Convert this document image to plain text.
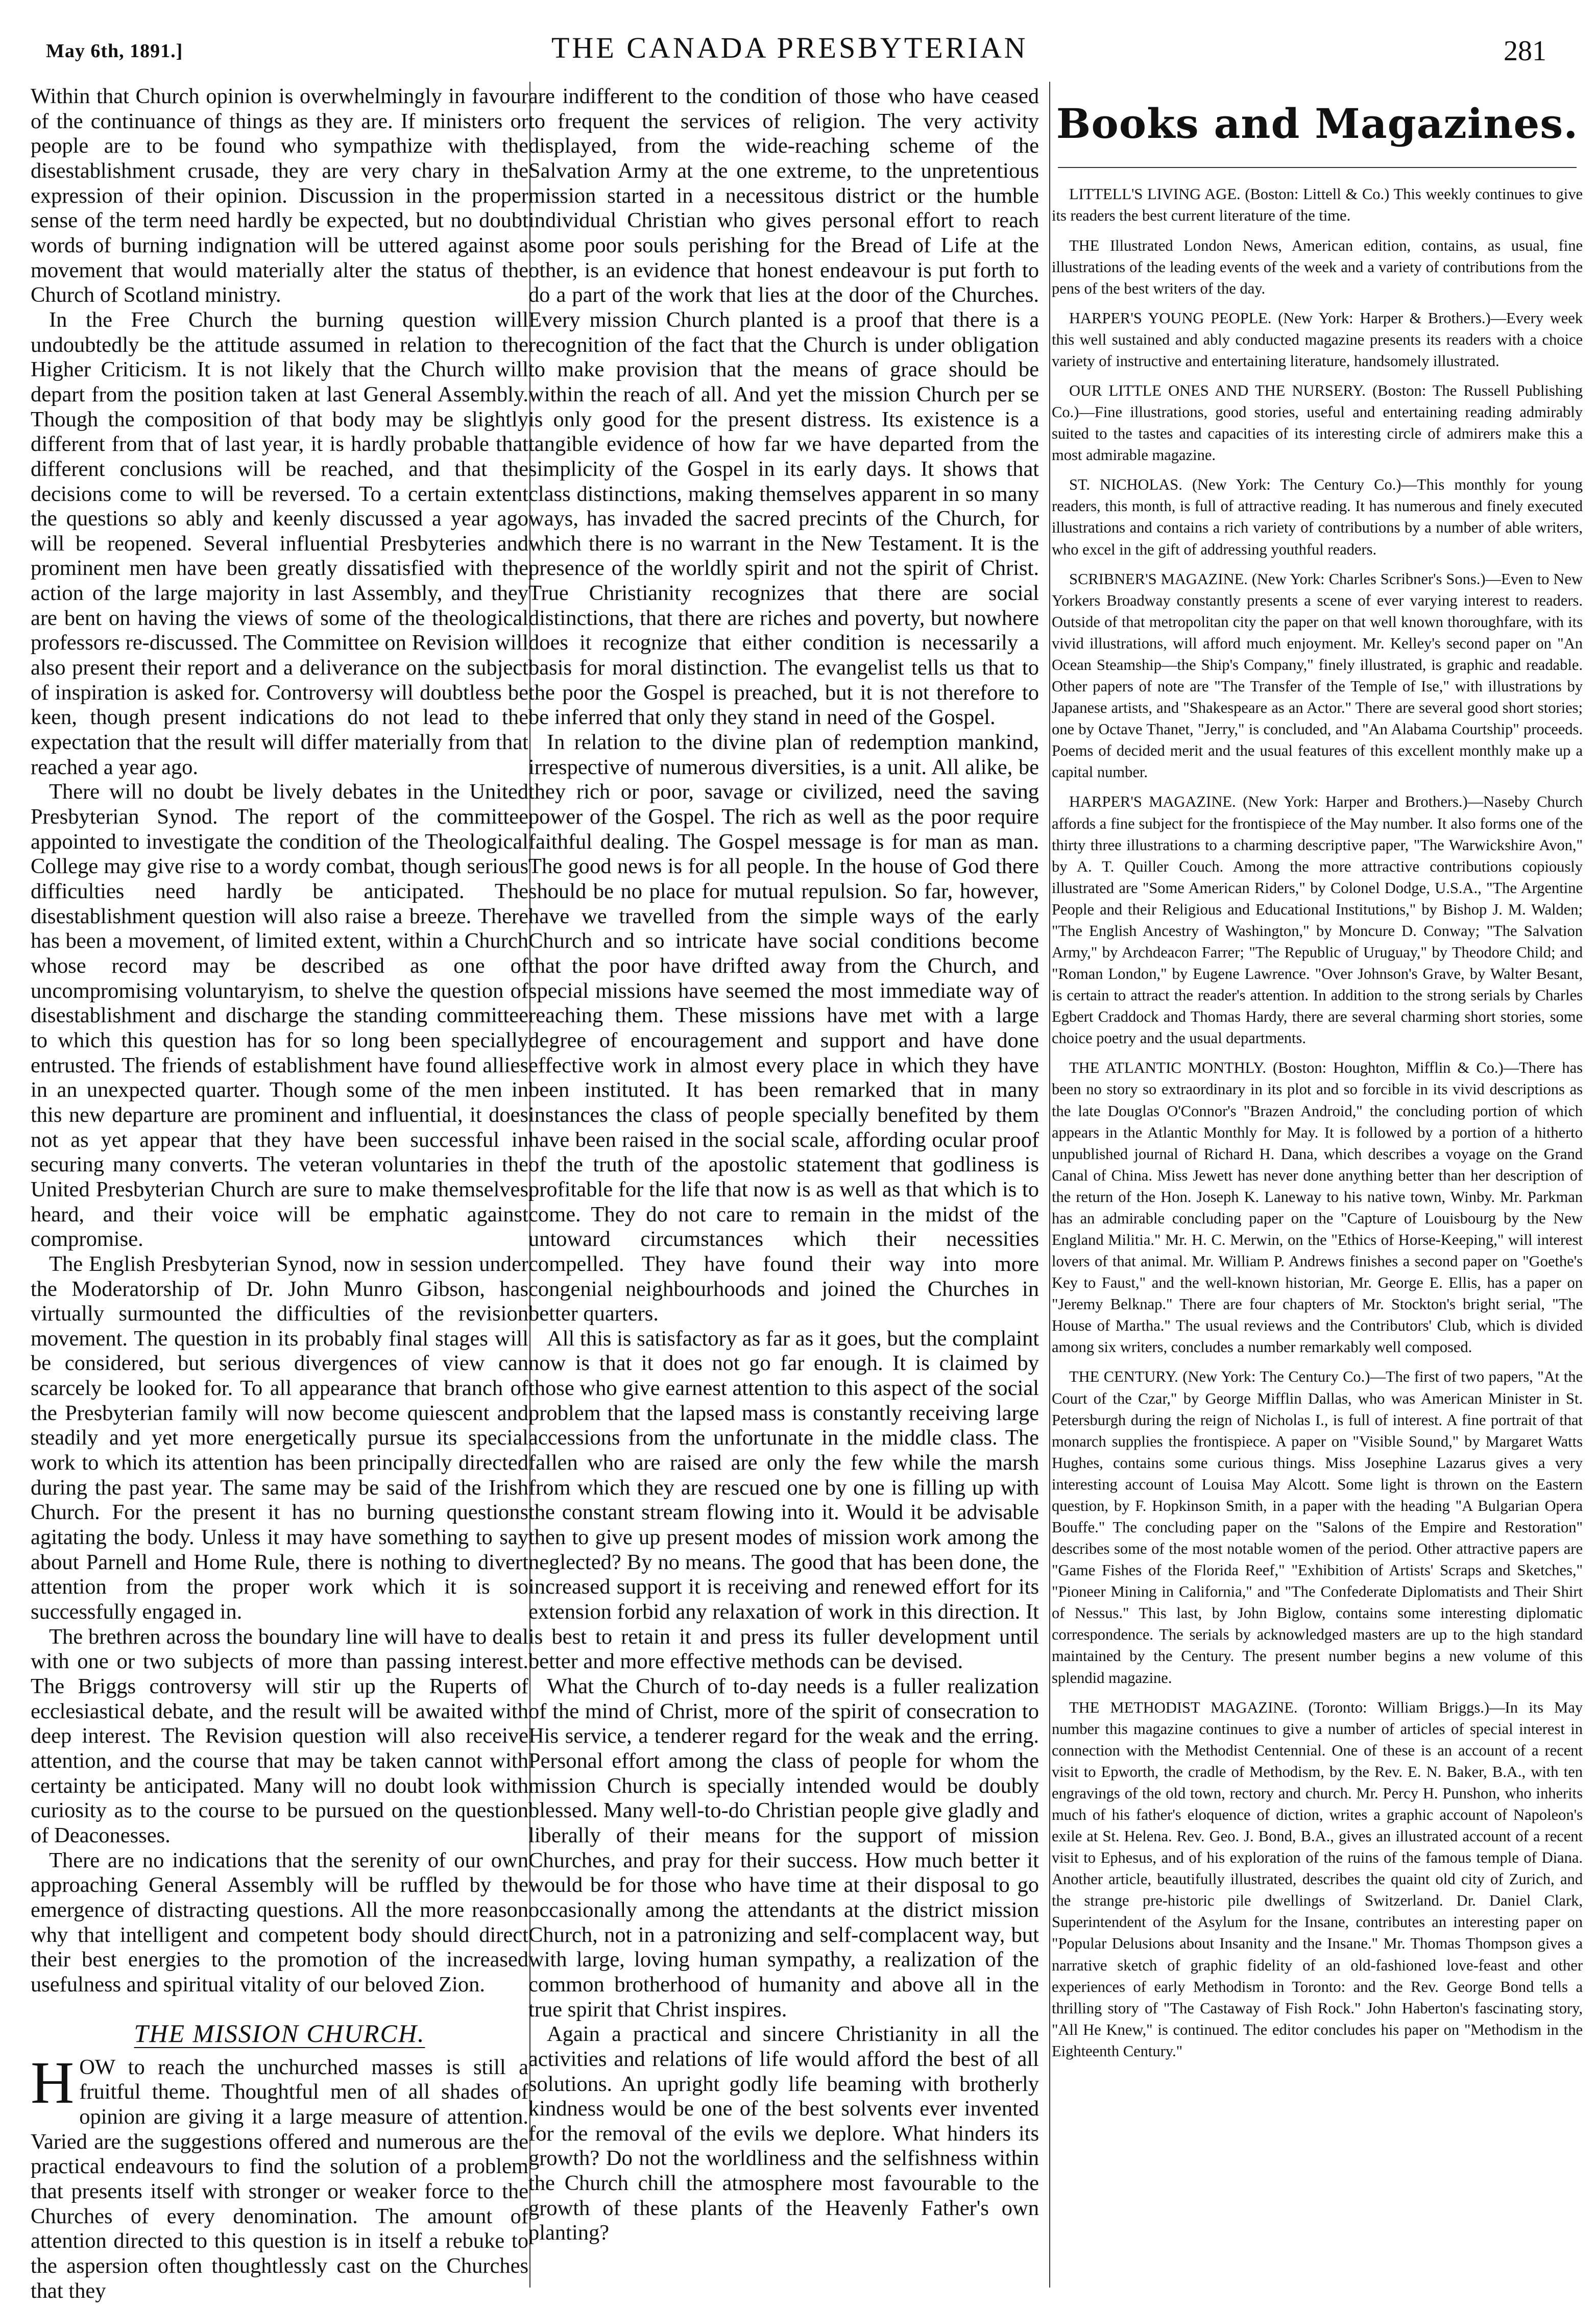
May 6th, 1891.]	THE CANADA PRESBYTERIAN	281

Within that Church opinion is overwhelmingly in favour of the continuance of things as they are. If ministers or people are to be found who sympathize with the disestablishment crusade, they are very chary in the expression of their opinion. Discussion in the proper sense of the term need hardly be expected, but no doubt words of burning indignation will be uttered against a movement that would materially alter the status of the Church of Scotland ministry.

In the Free Church the burning question will undoubtedly be the attitude assumed in relation to the Higher Criticism. It is not likely that the Church will depart from the position taken at last General Assembly. Though the composition of that body may be slightly different from that of last year, it is hardly probable that different conclusions will be reached, and that the decisions come to will be reversed. To a certain extent the questions so ably and keenly discussed a year ago will be reopened. Several influential Presbyteries and prominent men have been greatly dissatisfied with the action of the large majority in last Assembly, and they are bent on having the views of some of the theological professors re-discussed. The Committee on Revision will also present their report and a deliverance on the subject of inspiration is asked for. Controversy will doubtless be keen, though present indications do not lead to the expectation that the result will differ materially from that reached a year ago.

There will no doubt be lively debates in the United Presbyterian Synod. The report of the committee appointed to investigate the condition of the Theological College may give rise to a wordy combat, though serious difficulties need hardly be anticipated. The disestablishment question will also raise a breeze. There has been a movement, of limited extent, within a Church whose record may be described as one of uncompromising voluntaryism, to shelve the question of disestablishment and discharge the standing committee to which this question has for so long been specially entrusted. The friends of establishment have found allies in an unexpected quarter. Though some of the men in this new departure are prominent and influential, it does not as yet appear that they have been successful in securing many converts. The veteran voluntaries in the United Presbyterian Church are sure to make themselves heard, and their voice will be emphatic against compromise.

The English Presbyterian Synod, now in session under the Moderatorship of Dr. John Munro Gibson, has virtually surmounted the difficulties of the revision movement. The question in its probably final stages will be considered, but serious divergences of view can scarcely be looked for. To all appearance that branch of the Presbyterian family will now become quiescent and steadily and yet more energetically pursue its special work to which its attention has been principally directed during the past year. The same may be said of the Irish Church. For the present it has no burning questions agitating the body. Unless it may have something to say about Parnell and Home Rule, there is nothing to divert attention from the proper work which it is so successfully engaged in.

The brethren across the boundary line will have to deal with one or two subjects of more than passing interest. The Briggs controversy will stir up the Ruperts of ecclesiastical debate, and the result will be awaited with deep interest. The Revision question will also receive attention, and the course that may be taken cannot with certainty be anticipated. Many will no doubt look with curiosity as to the course to be pursued on the question of Deaconesses.

There are no indications that the serenity of our own approaching General Assembly will be ruffled by the emergence of distracting questions. All the more reason why that intelligent and competent body should direct their best energies to the promotion of the increased usefulness and spiritual vitality of our beloved Zion.

THE MISSION CHURCH.

HOW to reach the unchurched masses is still a fruitful theme. Thoughtful men of all shades of opinion are giving it a large measure of attention. Varied are the suggestions offered and numerous are the practical endeavours to find the solution of a problem that presents itself with stronger or weaker force to the Churches of every denomination. The amount of attention directed to this question is in itself a rebuke to the aspersion often thoughtlessly cast on the Churches that they

are indifferent to the condition of those who have ceased to frequent the services of religion. The very activity displayed, from the wide-reaching scheme of the Salvation Army at the one extreme, to the unpretentious mission started in a necessitous district or the humble individual Christian who gives personal effort to reach some poor souls perishing for the Bread of Life at the other, is an evidence that honest endeavour is put forth to do a part of the work that lies at the door of the Churches. Every mission Church planted is a proof that there is a recognition of the fact that the Church is under obligation to make provision that the means of grace should be within the reach of all. And yet the mission Church per se is only good for the present distress. Its existence is a tangible evidence of how far we have departed from the simplicity of the Gospel in its early days. It shows that class distinctions, making themselves apparent in so many ways, has invaded the sacred precints of the Church, for which there is no warrant in the New Testament. It is the presence of the worldly spirit and not the spirit of Christ. True Christianity recognizes that there are social distinctions, that there are riches and poverty, but nowhere does it recognize that either condition is necessarily a basis for moral distinction. The evangelist tells us that to the poor the Gospel is preached, but it is not therefore to be inferred that only they stand in need of the Gospel.

In relation to the divine plan of redemption mankind, irrespective of numerous diversities, is a unit. All alike, be they rich or poor, savage or civilized, need the saving power of the Gospel. The rich as well as the poor require faithful dealing. The Gospel message is for man as man. The good news is for all people. In the house of God there should be no place for mutual repulsion. So far, however, have we travelled from the simple ways of the early Church and so intricate have social conditions become that the poor have drifted away from the Church, and special missions have seemed the most immediate way of reaching them. These missions have met with a large degree of encouragement and support and have done effective work in almost every place in which they have been instituted. It has been remarked that in many instances the class of people specially benefited by them have been raised in the social scale, affording ocular proof of the truth of the apostolic statement that godliness is profitable for the life that now is as well as that which is to come. They do not care to remain in the midst of the untoward circumstances which their necessities compelled. They have found their way into more congenial neighbourhoods and joined the Churches in better quarters.

All this is satisfactory as far as it goes, but the complaint now is that it does not go far enough. It is claimed by those who give earnest attention to this aspect of the social problem that the lapsed mass is constantly receiving large accessions from the unfortunate in the middle class. The fallen who are raised are only the few while the marsh from which they are rescued one by one is filling up with the constant stream flowing into it. Would it be advisable then to give up present modes of mission work among the neglected? By no means. The good that has been done, the increased support it is receiving and renewed effort for its extension forbid any relaxation of work in this direction. It is best to retain it and press its fuller development until better and more effective methods can be devised.

What the Church of to-day needs is a fuller realization of the mind of Christ, more of the spirit of consecration to His service, a tenderer regard for the weak and the erring. Personal effort among the class of people for whom the mission Church is specially intended would be doubly blessed. Many well-to-do Christian people give gladly and liberally of their means for the support of mission Churches, and pray for their success. How much better it would be for those who have time at their disposal to go occasionally among the attendants at the district mission Church, not in a patronizing and self-complacent way, but with large, loving human sympathy, a realization of the common brotherhood of humanity and above all in the true spirit that Christ inspires.

Again a practical and sincere Christianity in all the activities and relations of life would afford the best of all solutions. An upright godly life beaming with brotherly kindness would be one of the best solvents ever invented for the removal of the evils we deplore. What hinders its growth? Do not the worldliness and the selfishness within the Church chill the atmosphere most favourable to the growth of these plants of the Heavenly Father's own planting?

Books and Magazines.

LITTELL'S LIVING AGE. (Boston: Littell & Co.) This weekly continues to give its readers the best current literature of the time.

THE Illustrated London News, American edition, contains, as usual, fine illustrations of the leading events of the week and a variety of contributions from the pens of the best writers of the day.

HARPER'S YOUNG PEOPLE. (New York: Harper & Brothers.)—Every week this well sustained and ably conducted magazine presents its readers with a choice variety of instructive and entertaining literature, handsomely illustrated.

OUR LITTLE ONES AND THE NURSERY. (Boston: The Russell Publishing Co.)—Fine illustrations, good stories, useful and entertaining reading admirably suited to the tastes and capacities of its interesting circle of admirers make this a most admirable magazine.

ST. NICHOLAS. (New York: The Century Co.)—This monthly for young readers, this month, is full of attractive reading. It has numerous and finely executed illustrations and contains a rich variety of contributions by a number of able writers, who excel in the gift of addressing youthful readers.

SCRIBNER'S MAGAZINE. (New York: Charles Scribner's Sons.)—Even to New Yorkers Broadway constantly presents a scene of ever varying interest to readers. Outside of that metropolitan city the paper on that well known thoroughfare, with its vivid illustrations, will afford much enjoyment. Mr. Kelley's second paper on "An Ocean Steamship—the Ship's Company," finely illustrated, is graphic and readable. Other papers of note are "The Transfer of the Temple of Ise," with illustrations by Japanese artists, and "Shakespeare as an Actor." There are several good short stories; one by Octave Thanet, "Jerry," is concluded, and "An Alabama Courtship" proceeds. Poems of decided merit and the usual features of this excellent monthly make up a capital number.

HARPER'S MAGAZINE. (New York: Harper and Brothers.)—Naseby Church affords a fine subject for the frontispiece of the May number. It also forms one of the thirty three illustrations to a charming descriptive paper, "The Warwickshire Avon," by A. T. Quiller Couch. Among the more attractive contributions copiously illustrated are "Some American Riders," by Colonel Dodge, U.S.A., "The Argentine People and their Religious and Educational Institutions," by Bishop J. M. Walden; "The English Ancestry of Washington," by Moncure D. Conway; "The Salvation Army," by Archdeacon Farrer; "The Republic of Uruguay," by Theodore Child; and "Roman London," by Eugene Lawrence. "Over Johnson's Grave, by Walter Besant, is certain to attract the reader's attention. In addition to the strong serials by Charles Egbert Craddock and Thomas Hardy, there are several charming short stories, some choice poetry and the usual departments.

THE ATLANTIC MONTHLY. (Boston: Houghton, Mifflin & Co.)—There has been no story so extraordinary in its plot and so forcible in its vivid descriptions as the late Douglas O'Connor's "Brazen Android," the concluding portion of which appears in the Atlantic Monthly for May. It is followed by a portion of a hitherto unpublished journal of Richard H. Dana, which describes a voyage on the Grand Canal of China. Miss Jewett has never done anything better than her description of the return of the Hon. Joseph K. Laneway to his native town, Winby. Mr. Parkman has an admirable concluding paper on the "Capture of Louisbourg by the New England Militia." Mr. H. C. Merwin, on the "Ethics of Horse-Keeping," will interest lovers of that animal. Mr. William P. Andrews finishes a second paper on "Goethe's Key to Faust," and the well-known historian, Mr. George E. Ellis, has a paper on "Jeremy Belknap." There are four chapters of Mr. Stockton's bright serial, "The House of Martha." The usual reviews and the Contributors' Club, which is divided among six writers, concludes a number remarkably well composed.

THE CENTURY. (New York: The Century Co.)—The first of two papers, "At the Court of the Czar," by George Mifflin Dallas, who was American Minister in St. Petersburgh during the reign of Nicholas I., is full of interest. A fine portrait of that monarch supplies the frontispiece. A paper on "Visible Sound," by Margaret Watts Hughes, contains some curious things. Miss Josephine Lazarus gives a very interesting account of Louisa May Alcott. Some light is thrown on the Eastern question, by F. Hopkinson Smith, in a paper with the heading "A Bulgarian Opera Bouffe." The concluding paper on the "Salons of the Empire and Restoration" describes some of the most notable women of the period. Other attractive papers are "Game Fishes of the Florida Reef," "Exhibition of Artists' Scraps and Sketches," "Pioneer Mining in California," and "The Confederate Diplomatists and Their Shirt of Nessus." This last, by John Biglow, contains some interesting diplomatic correspondence. The serials by acknowledged masters are up to the high standard maintained by the Century. The present number begins a new volume of this splendid magazine.

THE METHODIST MAGAZINE. (Toronto: William Briggs.)—In its May number this magazine continues to give a number of articles of special interest in connection with the Methodist Centennial. One of these is an account of a recent visit to Epworth, the cradle of Methodism, by the Rev. E. N. Baker, B.A., with ten engravings of the old town, rectory and church. Mr. Percy H. Punshon, who inherits much of his father's eloquence of diction, writes a graphic account of Napoleon's exile at St. Helena. Rev. Geo. J. Bond, B.A., gives an illustrated account of a recent visit to Ephesus, and of his exploration of the ruins of the famous temple of Diana. Another article, beautifully illustrated, describes the quaint old city of Zurich, and the strange pre-historic pile dwellings of Switzerland. Dr. Daniel Clark, Superintendent of the Asylum for the Insane, contributes an interesting paper on "Popular Delusions about Insanity and the Insane." Mr. Thomas Thompson gives a narrative sketch of graphic fidelity of an old-fashioned love-feast and other experiences of early Methodism in Toronto: and the Rev. George Bond tells a thrilling story of "The Castaway of Fish Rock." John Haberton's fascinating story, "All He Knew," is continued. The editor concludes his paper on "Methodism in the Eighteenth Century."
